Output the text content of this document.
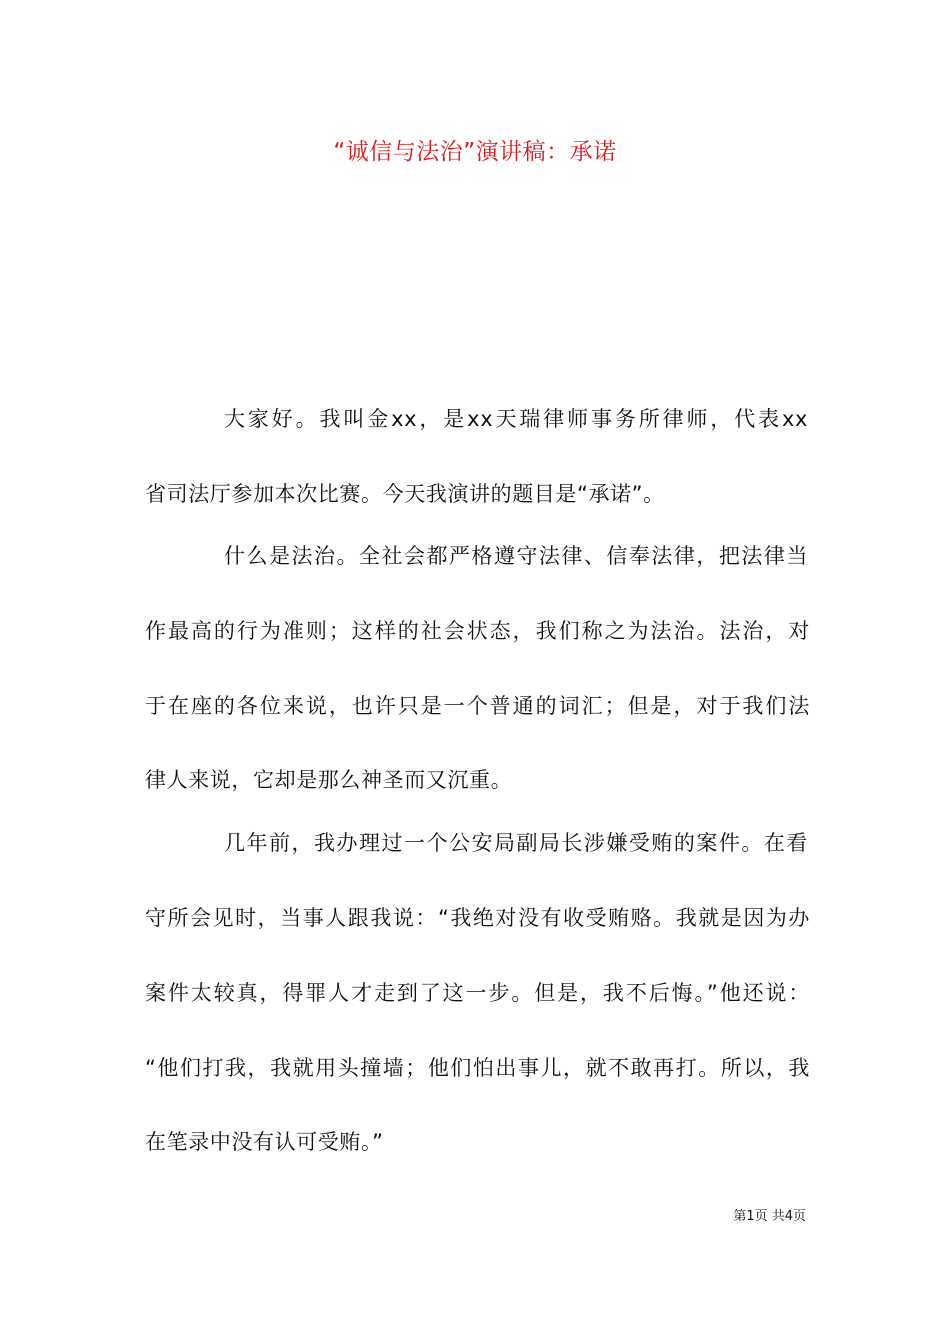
“诚信与法治”演讲稿：承诺
大家好。我叫金xx，是xx天瑞律师事务所律师，代表xx
省司法厅参加本次比赛。今天我演讲的题目是“承诺”。
什么是法治。全社会都严格遵守法律、信奉法律，把法律当
作最高的行为准则；这样的社会状态，我们称之为法治。法治，对
于在座的各位来说，也许只是一个普通的词汇；但是，对于我们法
律人来说，它却是那么神圣而又沉重。
几年前，我办理过一个公安局副局长涉嫌受贿的案件。在看
守所会见时，当事人跟我说：“我绝对没有收受贿赂。我就是因为办
案件太较真，得罪人才走到了这一步。但是，我不后悔。”他还说：
“他们打我，我就用头撞墙；他们怕出事儿，就不敢再打。所以，我
在笔录中没有认可受贿。”
第1页 共4页
